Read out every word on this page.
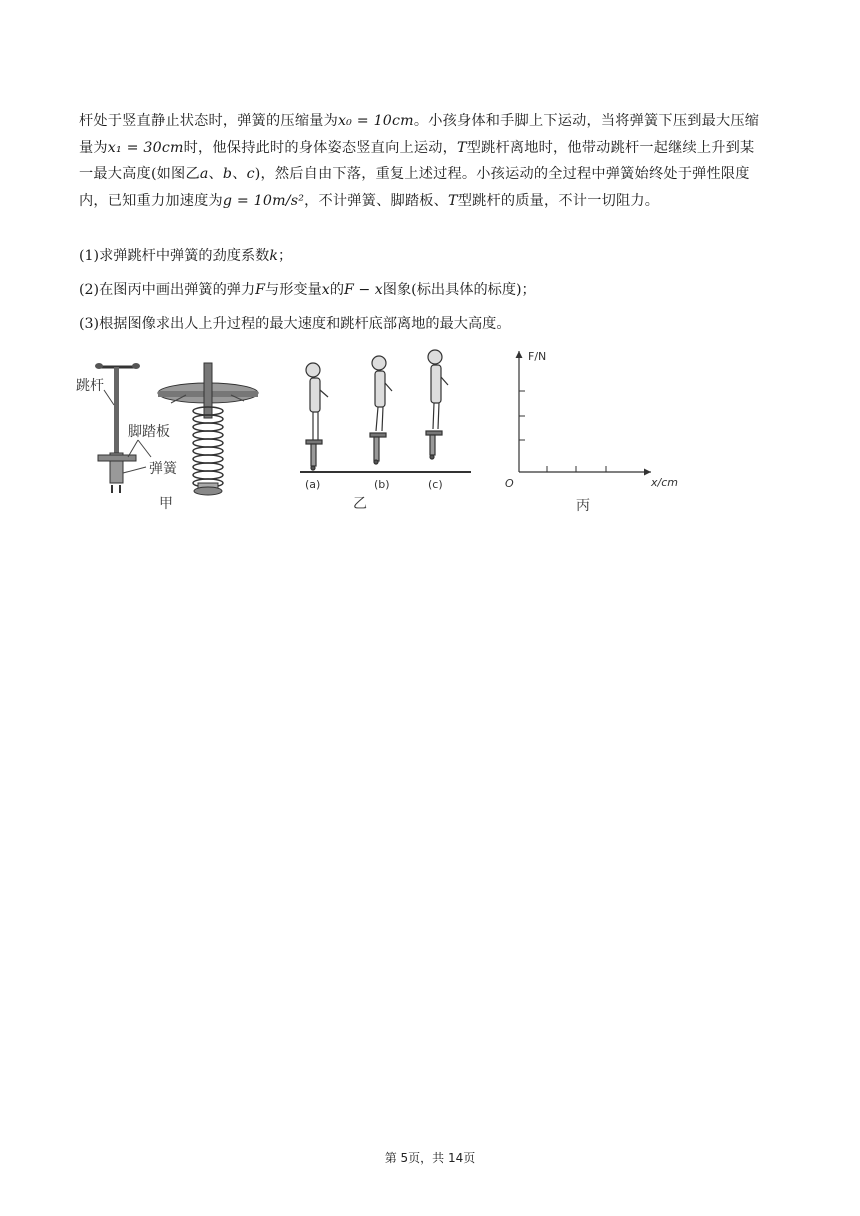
杆处于竖直静止状态时，弹簧的压缩量为x₀ = 10cm。小孩身体和手脚上下运动，当将弹簧下压到最大压缩
量为x₁ = 30cm时，他保持此时的身体姿态竖直向上运动，T型跳杆离地时，他带动跳杆一起继续上升到某
一最大高度(如图乙a、b、c)，然后自由下落，重复上述过程。小孩运动的全过程中弹簧始终处于弹性限度
内，已知重力加速度为g = 10m/s²，不计弹簧、脚踏板、T型跳杆的质量，不计一切阻力。
(1)求弹跳杆中弹簧的劲度系数k；
(2)在图丙中画出弹簧的弹力F与形变量x的F − x图象(标出具体的标度)；
(3)根据图像求出人上升过程的最大速度和跳杆底部离地的最大高度。
跳杆
脚踏板
弹簧
甲
(a)	(b)	(c)
乙
F/N
x/cm
O
丙
第 5页，共 14页
